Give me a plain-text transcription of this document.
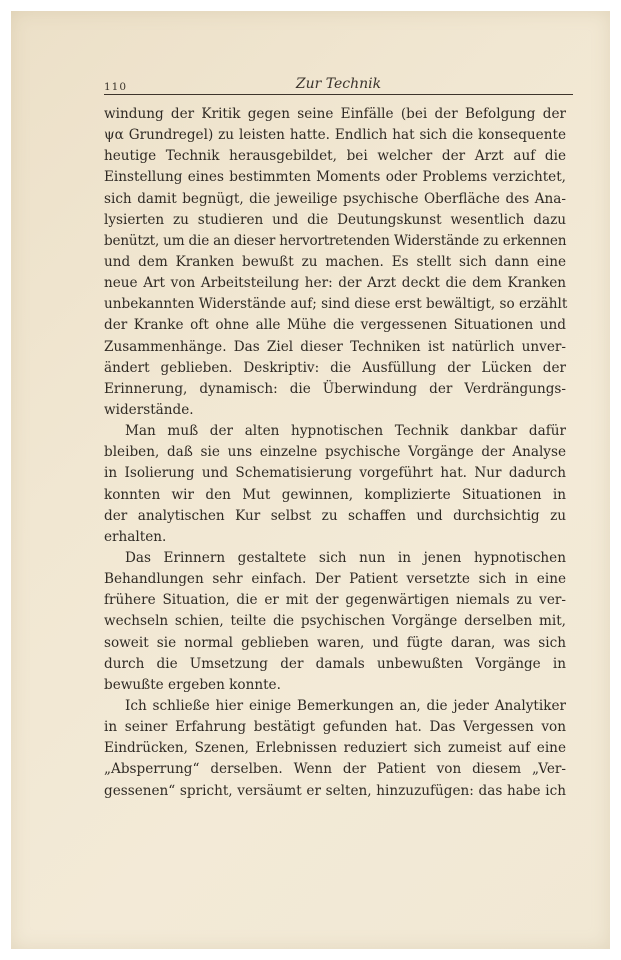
110	Zur Technik
windung der Kritik gegen seine Einfälle (bei der Befolgung der
ψα Grundregel) zu leisten hatte. Endlich hat sich die konsequente
heutige Technik herausgebildet, bei welcher der Arzt auf die
Einstellung eines bestimmten Moments oder Problems verzichtet,
sich damit begnügt, die jeweilige psychische Oberfläche des Ana-
lysierten zu studieren und die Deutungskunst wesentlich dazu
benützt, um die an dieser hervortretenden Widerstände zu erkennen
und dem Kranken bewußt zu machen. Es stellt sich dann eine
neue Art von Arbeitsteilung her: der Arzt deckt die dem Kranken
unbekannten Widerstände auf; sind diese erst bewältigt, so erzählt
der Kranke oft ohne alle Mühe die vergessenen Situationen und
Zusammenhänge. Das Ziel dieser Techniken ist natürlich unver-
ändert geblieben. Deskriptiv: die Ausfüllung der Lücken der
Erinnerung, dynamisch: die Überwindung der Verdrängungs-
widerstände.
Man muß der alten hypnotischen Technik dankbar dafür
bleiben, daß sie uns einzelne psychische Vorgänge der Analyse
in Isolierung und Schematisierung vorgeführt hat. Nur dadurch
konnten wir den Mut gewinnen, komplizierte Situationen in
der analytischen Kur selbst zu schaffen und durchsichtig zu
erhalten.
Das Erinnern gestaltete sich nun in jenen hypnotischen
Behandlungen sehr einfach. Der Patient versetzte sich in eine
frühere Situation, die er mit der gegenwärtigen niemals zu ver-
wechseln schien, teilte die psychischen Vorgänge derselben mit,
soweit sie normal geblieben waren, und fügte daran, was sich
durch die Umsetzung der damals unbewußten Vorgänge in
bewußte ergeben konnte.
Ich schließe hier einige Bemerkungen an, die jeder Analytiker
in seiner Erfahrung bestätigt gefunden hat. Das Vergessen von
Eindrücken, Szenen, Erlebnissen reduziert sich zumeist auf eine
„Absperrung“ derselben. Wenn der Patient von diesem „Ver-
gessenen“ spricht, versäumt er selten, hinzuzufügen: das habe ich
